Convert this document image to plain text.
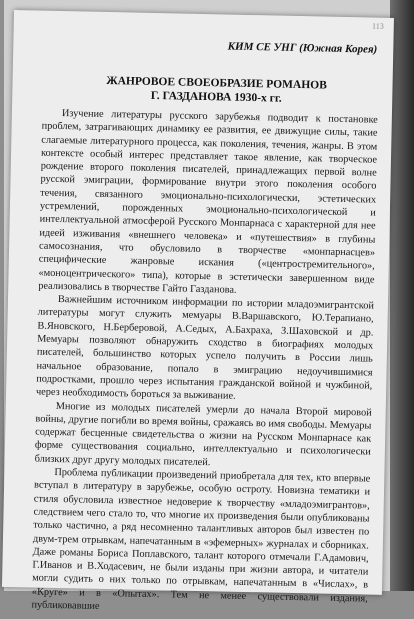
113
КИМ СЕ УНГ (Южная Корея)
ЖАНРОВОЕ СВОЕОБРАЗИЕ РОМАНОВ
Г. ГАЗДАНОВА 1930-х гг.

Изучение литературы русского зарубежья подводит к постановке проблем, затрагивающих динамику ее развития, ее движущие силы, такие слагаемые литературного процесса, как поколения, течения, жанры. В этом контексте особый интерес представляет такое явление, как творческое рождение второго поколения писателей, принадлежащих первой волне русской эмиграции, формирование внутри этого поколения особого течения, связанного эмоционально-психологически, эстетических устремлений, порожденных эмоционально-психологической и интеллектуальной атмосферой Русского Монпарнаса с характерной для нее идеей изживания «внешнего человека» и «путешествия» в глубины самосознания, что обусловило в творчестве «монпарнасцев» специфические жанровые искания («центростремительного», «моноцентрического» типа), которые в эстетически завершенном виде реализовались в творчестве Гайто Газданова.

Важнейшим источником информации по истории младоэмигрантской литературы могут служить мемуары В.Варшавского, Ю.Терапиано, В.Яновского, Н.Берберовой, А.Седых, А.Бахраха, З.Шаховской и др. Мемуары позволяют обнаружить сходство в биографиях молодых писателей, большинство которых успело получить в России лишь начальное образование, попало в эмиграцию недоучившимися подростками, прошло через испытания гражданской войной и чужбиной, через необходимость бороться за выживание.

Многие из молодых писателей умерли до начала Второй мировой войны, другие погибли во время войны, сражаясь во имя свободы. Мемуары содержат бесценные свидетельства о жизни на Русском Монпарнасе как форме существования социально, интеллектуально и психологически близких друг другу молодых писателей.

Проблема публикации произведений приобретала для тех, кто впервые вступал в литературу в зарубежье, особую остроту. Новизна тематики и стиля обусловила известное недоверие к творчеству «младоэмигрантов», следствием чего стало то, что многие их произведения были опубликованы только частично, а ряд несомненно талантливых авторов был известен по двум-трем отрывкам, напечатанным в «эфемерных» журналах и сборниках. Даже романы Бориса Поплавского, талант которого отмечали Г.Адамович, Г.Иванов и В.Ходасевич, не были изданы при жизни автора, и читатели могли судить о них только по отрывкам, напечатанным в «Числах», в «Круге» и в «Опытах». Тем не менее существовали издания, публиковавшие
